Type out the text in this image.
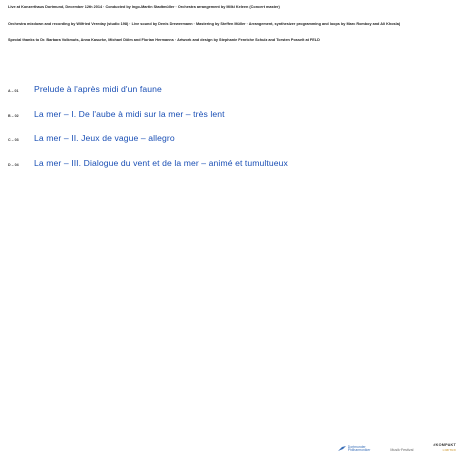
Live at Konzerthaus Dortmund, December 12th 2014 · Conducted by Ingo-Martin Stadtmüller · Orchestra arrangement by Milki Keleen (Concert master)

Orchestra mixdown and recording by Wilfried Vereday (studio 198) · Live sound by Denis Drewermann · Mastering by Steffen Müller · Arrangement, synthesizer programming and loops by Marc Romboy and Ali Khosla)

Special thanks to Dr. Barbara Volkmuts, Anna Kasurke, Michael Dölm and Florian Hermanns · Artwork and design by Stephanie Fenriche Schulz and Torsten Posselt at FELD

A – 01 Prelude à l'après midi d'un faune
B – 02 La mer – I. De l'aube à midi sur la mer – très lent
C – 03 La mer – II. Jeux de vague – allegro
D – 04 La mer – III. Dialogue du vent et de la mer – animé et tumultueux
Dortmunder
Philharmoniker	Musik·Festival
#KOMPAKT
LIMITED
